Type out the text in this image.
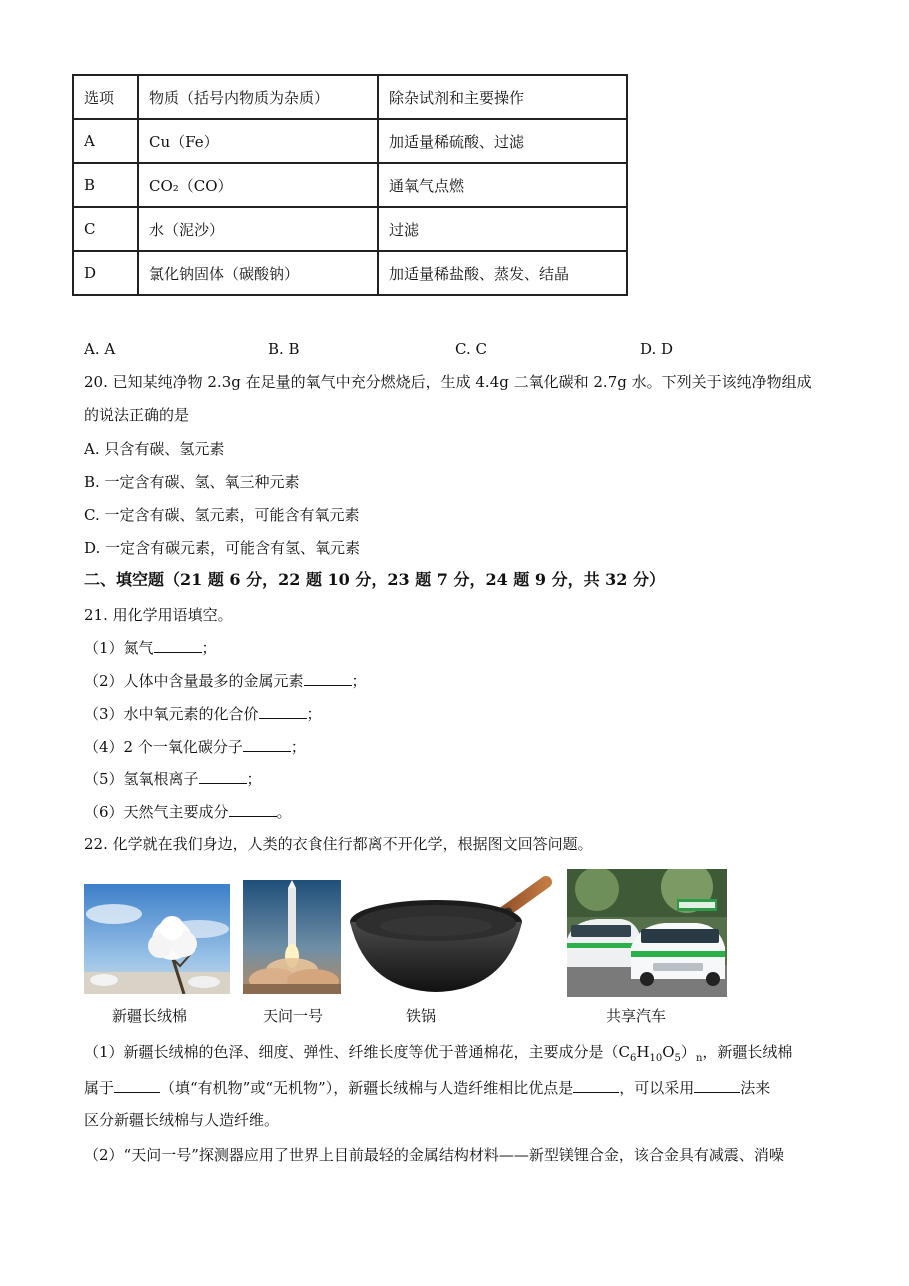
选项	物质（括号内物质为杂质）	除杂试剂和主要操作
A	Cu（Fe）	加适量稀硫酸、过滤
B	CO₂（CO）	通氧气点燃
C	水（泥沙）	过滤
D	氯化钠固体（碳酸钠）	加适量稀盐酸、蒸发、结晶
A. A	B. B	C. C	D. D
20. 已知某纯净物 2.3g 在足量的氧气中充分燃烧后，生成 4.4g 二氧化碳和 2.7g 水。下列关于该纯净物组成
的说法正确的是
A. 只含有碳、氢元素
B. 一定含有碳、氢、氧三种元素
C. 一定含有碳、氢元素，可能含有氧元素
D. 一定含有碳元素，可能含有氢、氧元素
二、填空题（21 题 6 分，22 题 10 分，23 题 7 分，24 题 9 分，共 32 分）
21. 用化学用语填空。
（1）氮气	；
（2）人体中含量最多的金属元素	；
（3）水中氧元素的化合价	；
（4）2 个一氧化碳分子	；
（5）氢氧根离子	；
（6）天然气主要成分	。
22. 化学就在我们身边，人类的衣食住行都离不开化学，根据图文回答问题。
新疆长绒棉	天问一号	铁锅	共享汽车
（1）新疆长绒棉的色泽、细度、弹性、纤维长度等优于普通棉花，主要成分是$(C_6H_{10}O_5)_n$，新疆长绒棉
属于	（填“有机物”或“无机物”），新疆长绒棉与人造纤维相比优点是	，可以采用	法来
区分新疆长绒棉与人造纤维。
（2）“天问一号”探测器应用了世界上目前最轻的金属结构材料——新型镁锂合金，该合金具有减震、消噪
